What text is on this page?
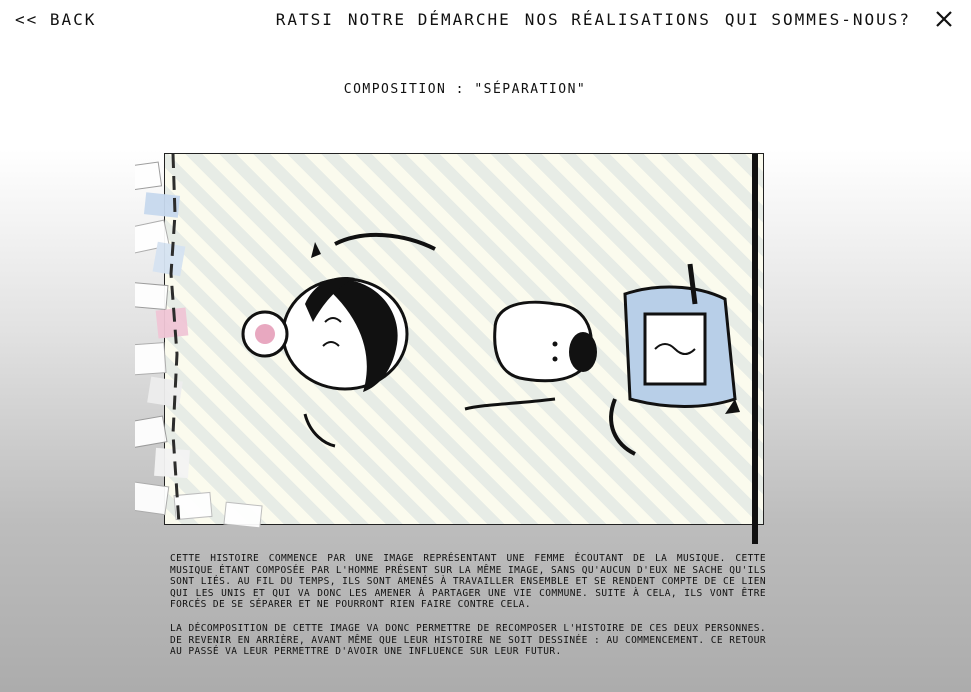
<< BACK	RATSI NOTRE DÉMARCHE NOS RÉALISATIONS QUI SOMMES-NOUS?
COMPOSITION : "SÉPARATION"

CETTE HISTOIRE COMMENCE PAR UNE IMAGE REPRÉSENTANT UNE FEMME ÉCOUTANT DE LA MUSIQUE. CETTE MUSIQUE ÉTANT COMPOSÉE PAR L'HOMME PRÉSENT SUR LA MÊME IMAGE, SANS QU'AUCUN D'EUX NE SACHE QU'ILS SONT LIÉS. AU FIL DU TEMPS, ILS SONT AMENÉS À TRAVAILLER ENSEMBLE ET SE RENDENT COMPTE DE CE LIEN QUI LES UNIS ET QUI VA DONC LES AMENER À PARTAGER UNE VIE COMMUNE. SUITE À CELA, ILS VONT ÊTRE FORCÉS DE SE SÉPARER ET NE POURRONT RIEN FAIRE CONTRE CELA.

LA DÉCOMPOSITION DE CETTE IMAGE VA DONC PERMETTRE DE RECOMPOSER L'HISTOIRE DE CES DEUX PERSONNES. DE REVENIR EN ARRIÈRE, AVANT MÊME QUE LEUR HISTOIRE NE SOIT DESSINÉE : AU COMMENCEMENT. CE RETOUR AU PASSÉ VA LEUR PERMETTRE D'AVOIR UNE INFLUENCE SUR LEUR FUTUR.
